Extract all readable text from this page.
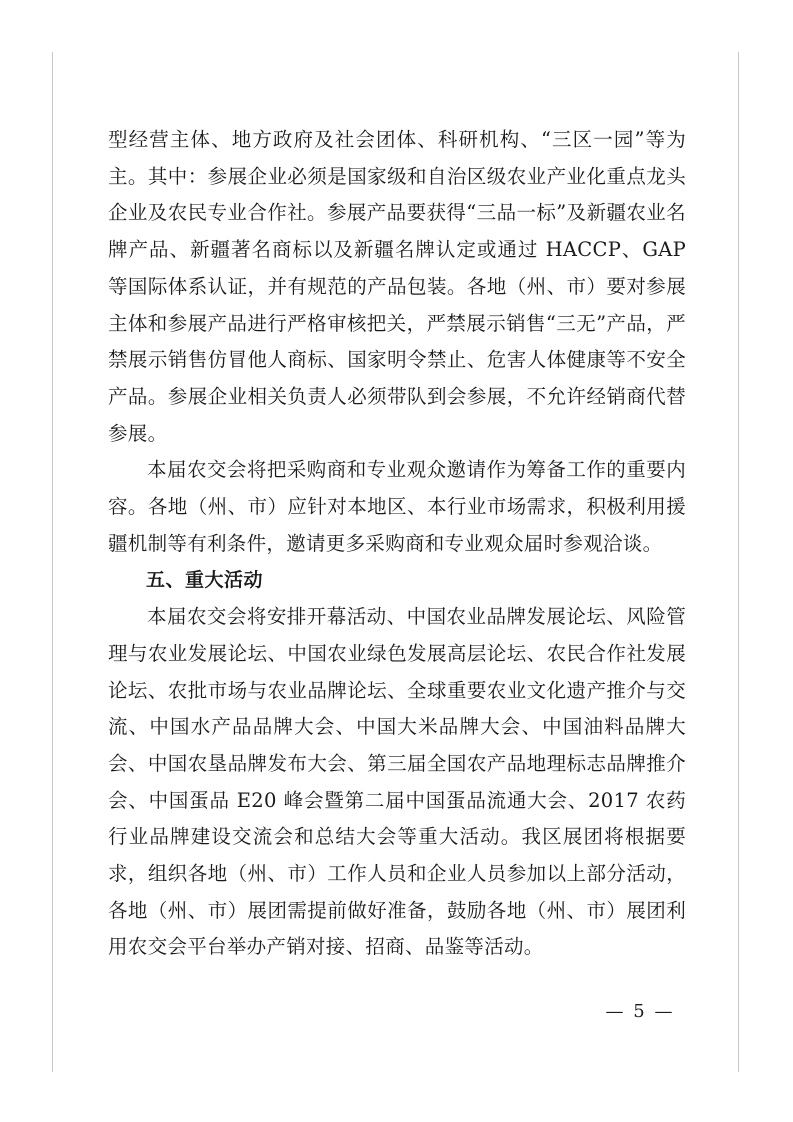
型经营主体、地方政府及社会团体、科研机构、“三区一园”等为主。其中：参展企业必须是国家级和自治区级农业产业化重点龙头企业及农民专业合作社。参展产品要获得“三品一标”及新疆农业名牌产品、新疆著名商标以及新疆名牌认定或通过 HACCP、GAP 等国际体系认证，并有规范的产品包装。各地（州、市）要对参展主体和参展产品进行严格审核把关，严禁展示销售“三无”产品，严禁展示销售仿冒他人商标、国家明令禁止、危害人体健康等不安全产品。参展企业相关负责人必须带队到会参展，不允许经销商代替参展。

本届农交会将把采购商和专业观众邀请作为筹备工作的重要内容。各地（州、市）应针对本地区、本行业市场需求，积极利用援疆机制等有利条件，邀请更多采购商和专业观众届时参观洽谈。

五、重大活动

本届农交会将安排开幕活动、中国农业品牌发展论坛、风险管理与农业发展论坛、中国农业绿色发展高层论坛、农民合作社发展论坛、农批市场与农业品牌论坛、全球重要农业文化遗产推介与交流、中国水产品品牌大会、中国大米品牌大会、中国油料品牌大会、中国农垦品牌发布大会、第三届全国农产品地理标志品牌推介会、中国蛋品 E20 峰会暨第二届中国蛋品流通大会、2017 农药行业品牌建设交流会和总结大会等重大活动。我区展团将根据要求，组织各地（州、市）工作人员和企业人员参加以上部分活动，各地（州、市）展团需提前做好准备，鼓励各地（州、市）展团利用农交会平台举办产销对接、招商、品鉴等活动。

— 5 —
